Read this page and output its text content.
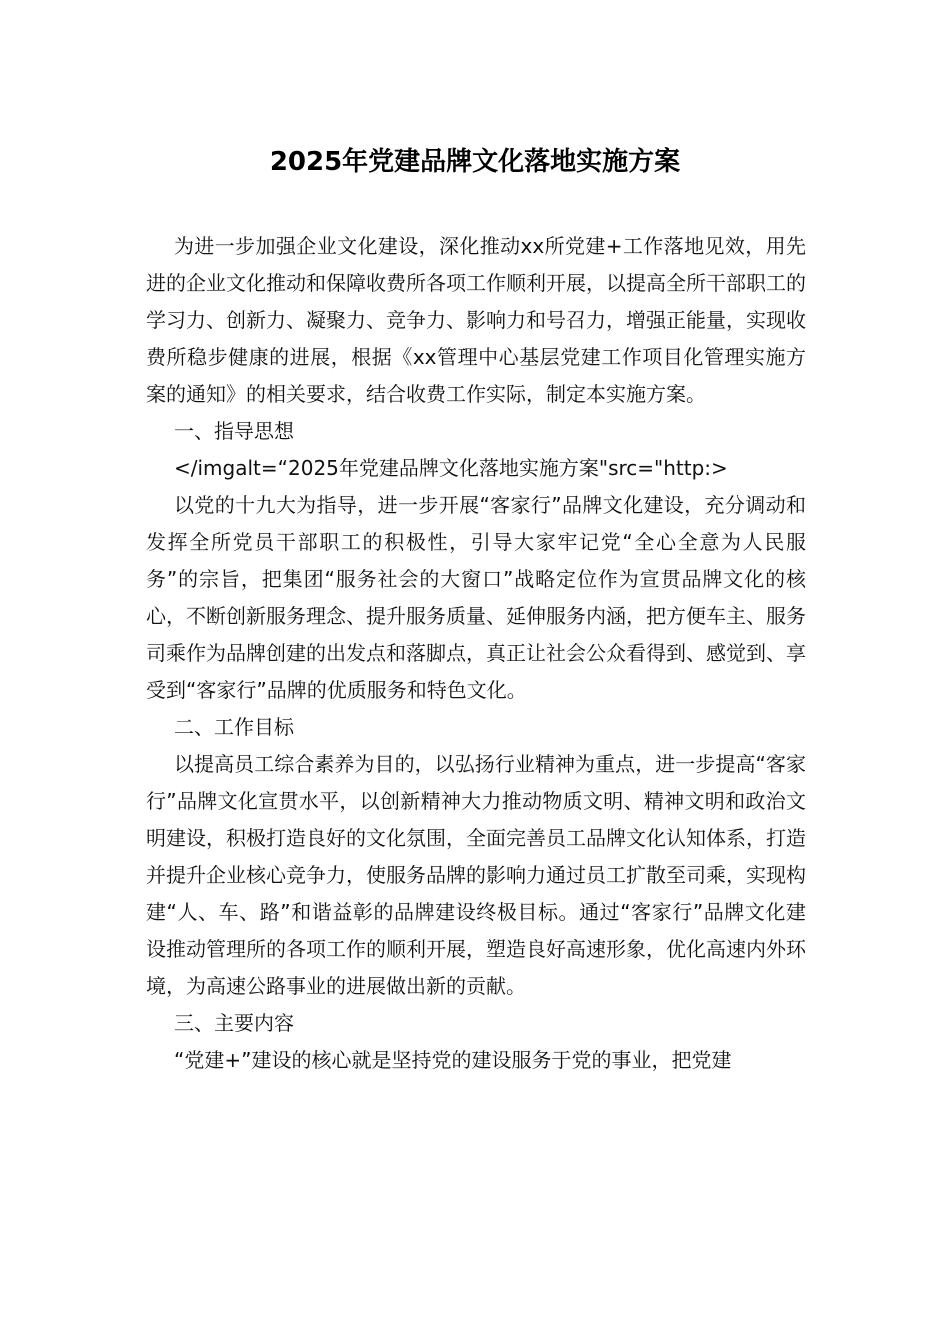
2025年党建品牌文化落地实施方案

为进一步加强企业文化建设，深化推动xx所党建+工作落地见效，用先进的企业文化推动和保障收费所各项工作顺利开展，以提高全所干部职工的学习力、创新力、凝聚力、竞争力、影响力和号召力，增强正能量，实现收费所稳步健康的进展，根据《xx管理中心基层党建工作项目化管理实施方案的通知》的相关要求，结合收费工作实际，制定本实施方案。

一、指导思想

</imgalt=“2025年党建品牌文化落地实施方案"src="http:>

以党的十九大为指导，进一步开展“客家行”品牌文化建设，充分调动和发挥全所党员干部职工的积极性，引导大家牢记党“全心全意为人民服务”的宗旨，把集团“服务社会的大窗口”战略定位作为宣贯品牌文化的核心，不断创新服务理念、提升服务质量、延伸服务内涵，把方便车主、服务司乘作为品牌创建的出发点和落脚点，真正让社会公众看得到、感觉到、享受到“客家行”品牌的优质服务和特色文化。

二、工作目标

以提高员工综合素养为目的，以弘扬行业精神为重点，进一步提高“客家行”品牌文化宣贯水平，以创新精神大力推动物质文明、精神文明和政治文明建设，积极打造良好的文化氛围，全面完善员工品牌文化认知体系，打造并提升企业核心竞争力，使服务品牌的影响力通过员工扩散至司乘，实现构建“人、车、路”和谐益彰的品牌建设终极目标。通过“客家行”品牌文化建设推动管理所的各项工作的顺利开展，塑造良好高速形象，优化高速内外环境，为高速公路事业的进展做出新的贡献。

三、主要内容

“党建+”建设的核心就是坚持党的建设服务于党的事业，把党建
